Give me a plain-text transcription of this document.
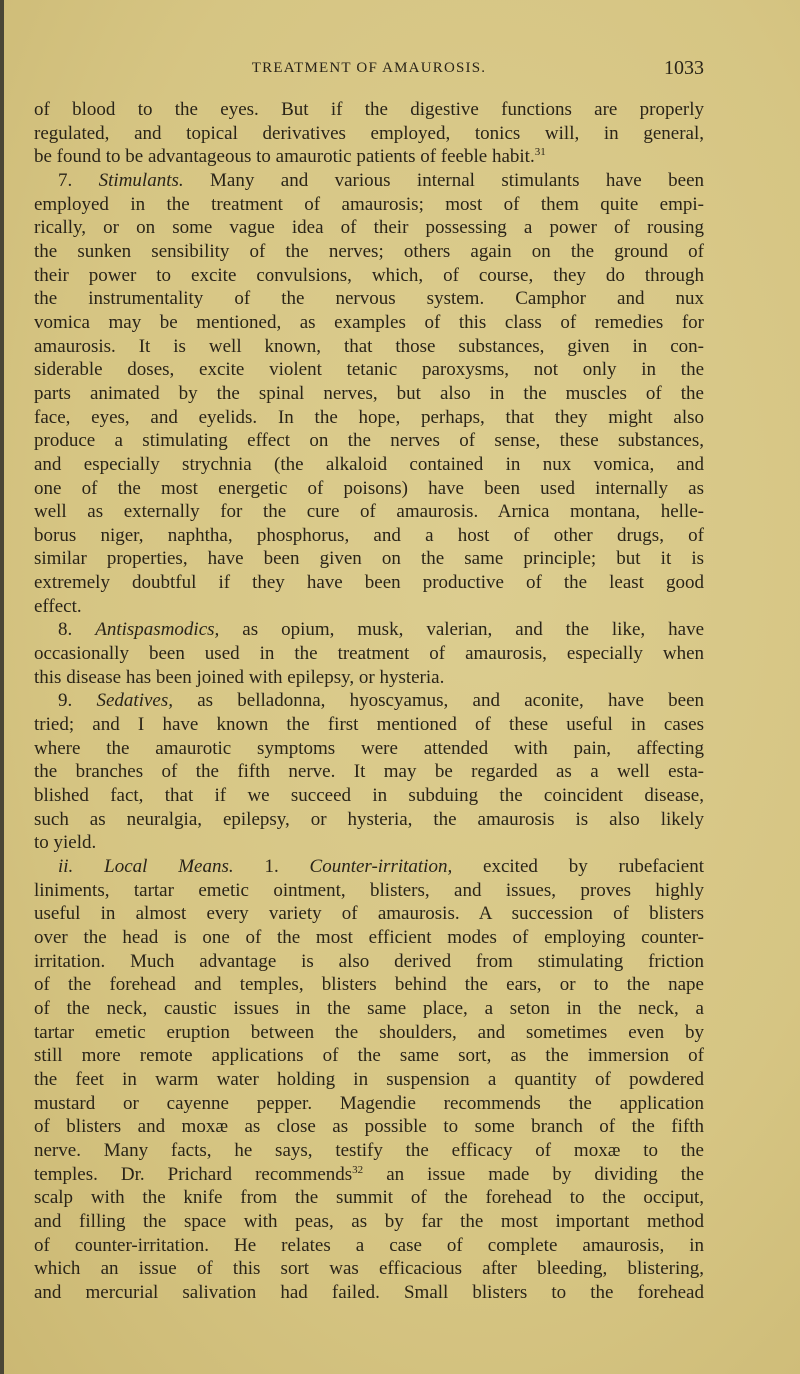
TREATMENT OF AMAUROSIS.	1033
of blood to the eyes. But if the digestive functions are properly
regulated, and topical derivatives employed, tonics will, in general,
be found to be advantageous to amaurotic patients of feeble habit.$^{31}$
7. Stimulants. Many and various internal stimulants have been
employed in the treatment of amaurosis; most of them quite empi-
rically, or on some vague idea of their possessing a power of rousing
the sunken sensibility of the nerves; others again on the ground of
their power to excite convulsions, which, of course, they do through
the instrumentality of the nervous system. Camphor and nux
vomica may be mentioned, as examples of this class of remedies for
amaurosis. It is well known, that those substances, given in con-
siderable doses, excite violent tetanic paroxysms, not only in the
parts animated by the spinal nerves, but also in the muscles of the
face, eyes, and eyelids. In the hope, perhaps, that they might also
produce a stimulating effect on the nerves of sense, these substances,
and especially strychnia (the alkaloid contained in nux vomica, and
one of the most energetic of poisons) have been used internally as
well as externally for the cure of amaurosis. Arnica montana, helle-
borus niger, naphtha, phosphorus, and a host of other drugs, of
similar properties, have been given on the same principle; but it is
extremely doubtful if they have been productive of the least good
effect.
8. Antispasmodics, as opium, musk, valerian, and the like, have
occasionally been used in the treatment of amaurosis, especially when
this disease has been joined with epilepsy, or hysteria.
9. Sedatives, as belladonna, hyoscyamus, and aconite, have been
tried; and I have known the first mentioned of these useful in cases
where the amaurotic symptoms were attended with pain, affecting
the branches of the fifth nerve. It may be regarded as a well esta-
blished fact, that if we succeed in subduing the coincident disease,
such as neuralgia, epilepsy, or hysteria, the amaurosis is also likely
to yield.
ii. Local Means. 1. Counter-irritation, excited by rubefacient
liniments, tartar emetic ointment, blisters, and issues, proves highly
useful in almost every variety of amaurosis. A succession of blisters
over the head is one of the most efficient modes of employing counter-
irritation. Much advantage is also derived from stimulating friction
of the forehead and temples, blisters behind the ears, or to the nape
of the neck, caustic issues in the same place, a seton in the neck, a
tartar emetic eruption between the shoulders, and sometimes even by
still more remote applications of the same sort, as the immersion of
the feet in warm water holding in suspension a quantity of powdered
mustard or cayenne pepper. Magendie recommends the application
of blisters and moxæ as close as possible to some branch of the fifth
nerve. Many facts, he says, testify the efficacy of moxæ to the
temples. Dr. Prichard recommends$^{32}$ an issue made by dividing the
scalp with the knife from the summit of the forehead to the occiput,
and filling the space with peas, as by far the most important method
of counter-irritation. He relates a case of complete amaurosis, in
which an issue of this sort was efficacious after bleeding, blistering,
and mercurial salivation had failed. Small blisters to the forehead
